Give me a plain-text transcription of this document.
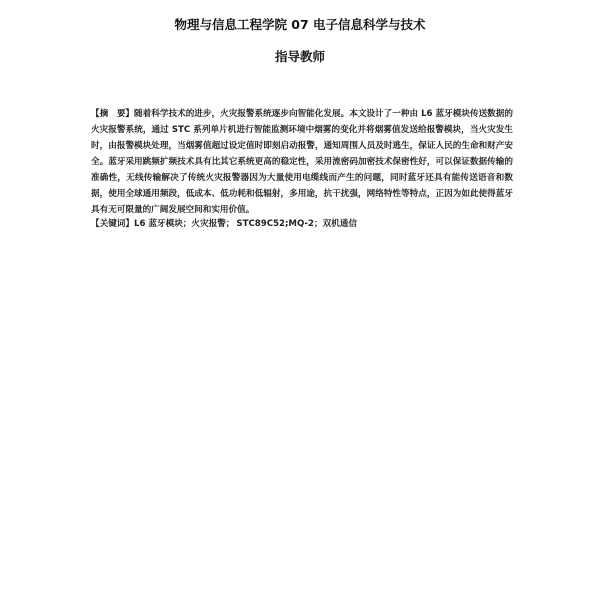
物理与信息工程学院 07 电子信息科学与技术
指导教师
【摘　要】随着科学技术的进步，火灾报警系统逐步向智能化发展。本文设计了一种由 L6 蓝牙模块传送数据的火灾报警系统，通过 STC 系列单片机进行智能监测环境中烟雾的变化并将烟雾值发送给报警模块，当火灾发生时，由报警模块处理，当烟雾值超过设定值时即刻启动报警，通知周围人员及时逃生，保证人民的生命和财产安全。蓝牙采用跳频扩频技术具有比其它系统更高的稳定性，采用流密码加密技术保密性好，可以保证数据传输的准确性，无线传输解决了传统火灾报警器因为大量使用电缆线而产生的问题，同时蓝牙还具有能传送语音和数据，使用全球通用频段，低成本、低功耗和低辐射，多用途，抗干扰强，网络特性等特点，正因为如此使得蓝牙具有无可限量的广阔发展空间和实用价值。
【关键词】L6 蓝牙模块；火灾报警； STC89C52;MQ-2；双机通信
